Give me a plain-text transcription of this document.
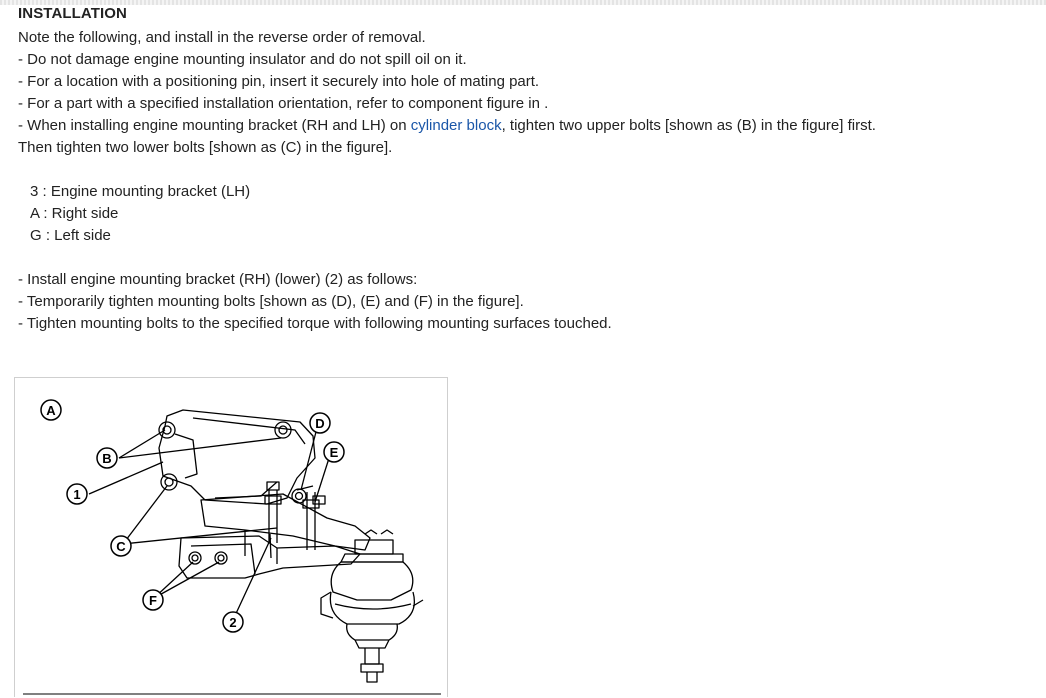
INSTALLATION
Note the following, and install in the reverse order of removal.
- Do not damage engine mounting insulator and do not spill oil on it.
- For a location with a positioning pin, insert it securely into hole of mating part.
- For a part with a specified installation orientation, refer to component figure in .
- When installing engine mounting bracket (RH and LH) on cylinder block, tighten two upper bolts [shown as (B) in the figure] first.
Then tighten two lower bolts [shown as (C) in the figure].
3 : Engine mounting bracket (LH)
A : Right side
G : Left side
- Install engine mounting bracket (RH) (lower) (2) as follows:
- Temporarily tighten mounting bolts [shown as (D), (E) and (F) in the figure].
- Tighten mounting bolts to the specified torque with following mounting surfaces touched.
A
B
1
C
F
2
D
E
